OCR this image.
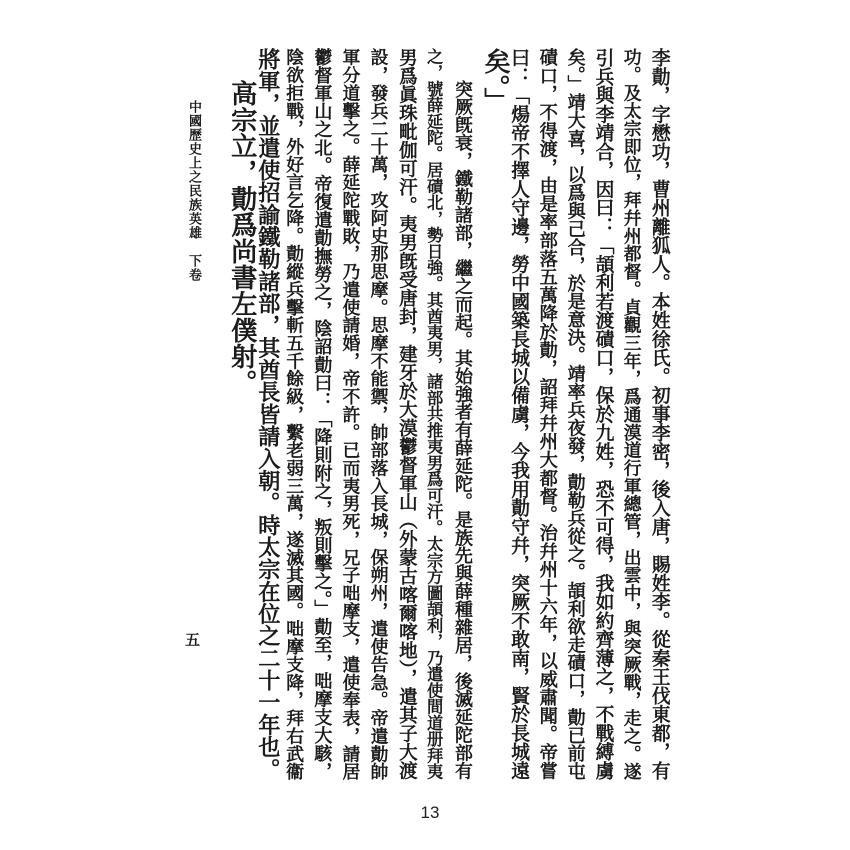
李勣，字懋功，曹州離狐人。本姓徐氏。初事李密，後入唐，賜姓李。從秦王伐東都，有
功。及太宗即位，拜幷州都督。貞觀三年，爲通漠道行軍總管，出雲中，與突厥戰，走之。遂
引兵與李靖合，因曰：「頡利若渡磧口，保於九姓，恐不可得，我如約齊薄之，不戰縛虜
矣。」靖大喜，以爲與己合，於是意決。靖率兵夜發，勣勒兵從之。頡利欲走磧口，勣已前屯
磧口，不得渡，由是率部落五萬降於勣，詔拜幷州大都督。治幷州十六年，以威肅聞。帝嘗
曰：「煬帝不擇人守邊，勞中國築長城以備虜，今我用勣守幷，突厥不敢南，賢於長城遠
矣。」
突厥旣衰，鐵勒諸部，繼之而起。其始強者有薛延陀。是族先與薛種雜居，後滅延陀部有
之，號薛延陀。居磧北，勢日強。其酋夷男，諸部共推夷男爲可汗。太宗方圖頡利，乃遣使間道册拜夷
男爲眞珠毗伽可汗。夷男旣受唐封，建牙於大漠鬱督軍山（外蒙古喀爾喀地），遣其子大渡
設，發兵二十萬，攻阿史那思摩。思摩不能禦，帥部落入長城，保朔州，遣使告急。帝遣勣帥
軍分道擊之。薛延陀戰敗，乃遣使請婚，帝不許。已而夷男死，兄子咄摩支，遣使奉表，請居
鬱督軍山之北。帝復遣勣撫勞之，陰詔勣曰：「降則附之，叛則擊之。」勣至，咄摩支大駭，
陰欲拒戰，外好言乞降。勣縱兵擊斬五千餘級，繫老弱三萬，遂滅其國。咄摩支降，拜右武衞
將軍，並遣使招諭鐵勒諸部，其酋長皆請入朝。時太宗在位之二十一年也。
高宗立，勣爲尚書左僕射。
中國歷史上之民族英雄　下卷
五
13
